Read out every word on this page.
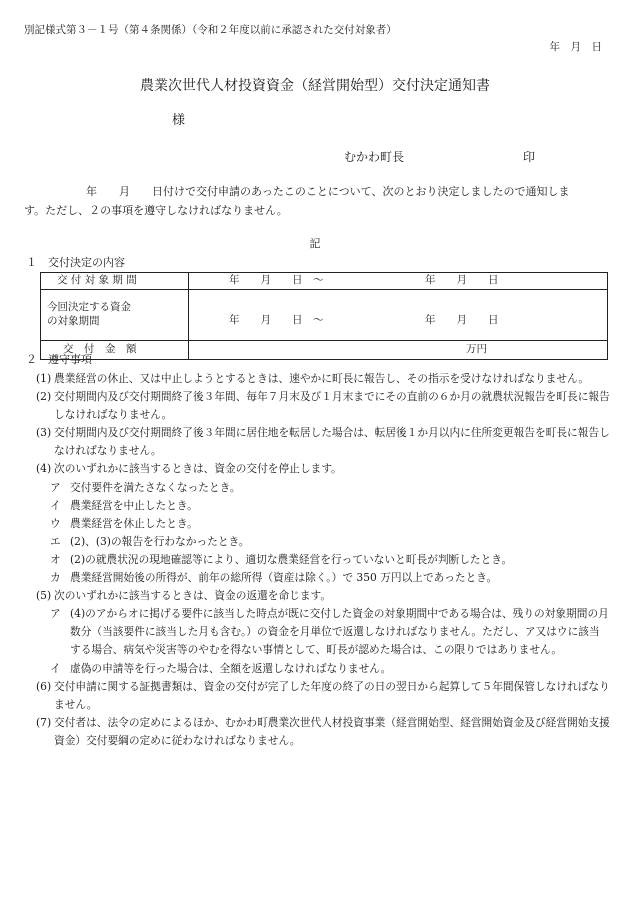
別記様式第３－１号（第４条関係）（令和２年度以前に承認された交付対象者）
年　月　日
農業次世代人材投資資金（経営開始型）交付決定通知書
様
むかわ町長	印
年　　月　　日付けで交付申請のあったこのことについて、次のとおり決定しましたので通知しま
す。ただし、２の事項を遵守しなければなりません。
記
１　交付決定の内容
交 付 対 象 期 間	年　　月　　日　～ 年　　月　　日

今回決定する資金
の対象期間	年　　月　　日　～ 年　　月　　日
交　付　金　額	万円
２　遵守事項
(1) 農業経営の休止、又は中止しようとするときは、速やかに町長に報告し、その指示を受けなければなりません。
(2) 交付期間内及び交付期間終了後３年間、毎年７月末及び１月末までにその直前の６か月の就農状況報告を町長に報告しなければなりません。
(3) 交付期間内及び交付期間終了後３年間に居住地を転居した場合は、転居後１か月以内に住所変更報告を町長に報告しなければなりません。
(4) 次のいずれかに該当するときは、資金の交付を停止します。
ア 交付要件を満たさなくなったとき。
イ 農業経営を中止したとき。
ウ 農業経営を休止したとき。
エ (2)、(3)の報告を行わなかったとき。
オ (2)の就農状況の現地確認等により、適切な農業経営を行っていないと町長が判断したとき。
カ 農業経営開始後の所得が、前年の総所得（資産は除く。）で 350 万円以上であったとき。
(5) 次のいずれかに該当するときは、資金の返還を命じます。
ア (4)のアからオに掲げる要件に該当した時点が既に交付した資金の対象期間中である場合は、残りの対象期間の月数分（当該要件に該当した月も含む。）の資金を月単位で返還しなければなりません。ただし、ア又はウに該当する場合、病気や災害等のやむを得ない事情として、町長が認めた場合は、この限りではありません。
イ 虚偽の申請等を行った場合は、全額を返還しなければなりません。
(6) 交付申請に関する証拠書類は、資金の交付が完了した年度の終了の日の翌日から起算して５年間保管しなければなりません。
(7) 交付者は、法令の定めによるほか、むかわ町農業次世代人材投資事業（経営開始型、経営開始資金及び経営開始支援資金）交付要綱の定めに従わなければなりません。
